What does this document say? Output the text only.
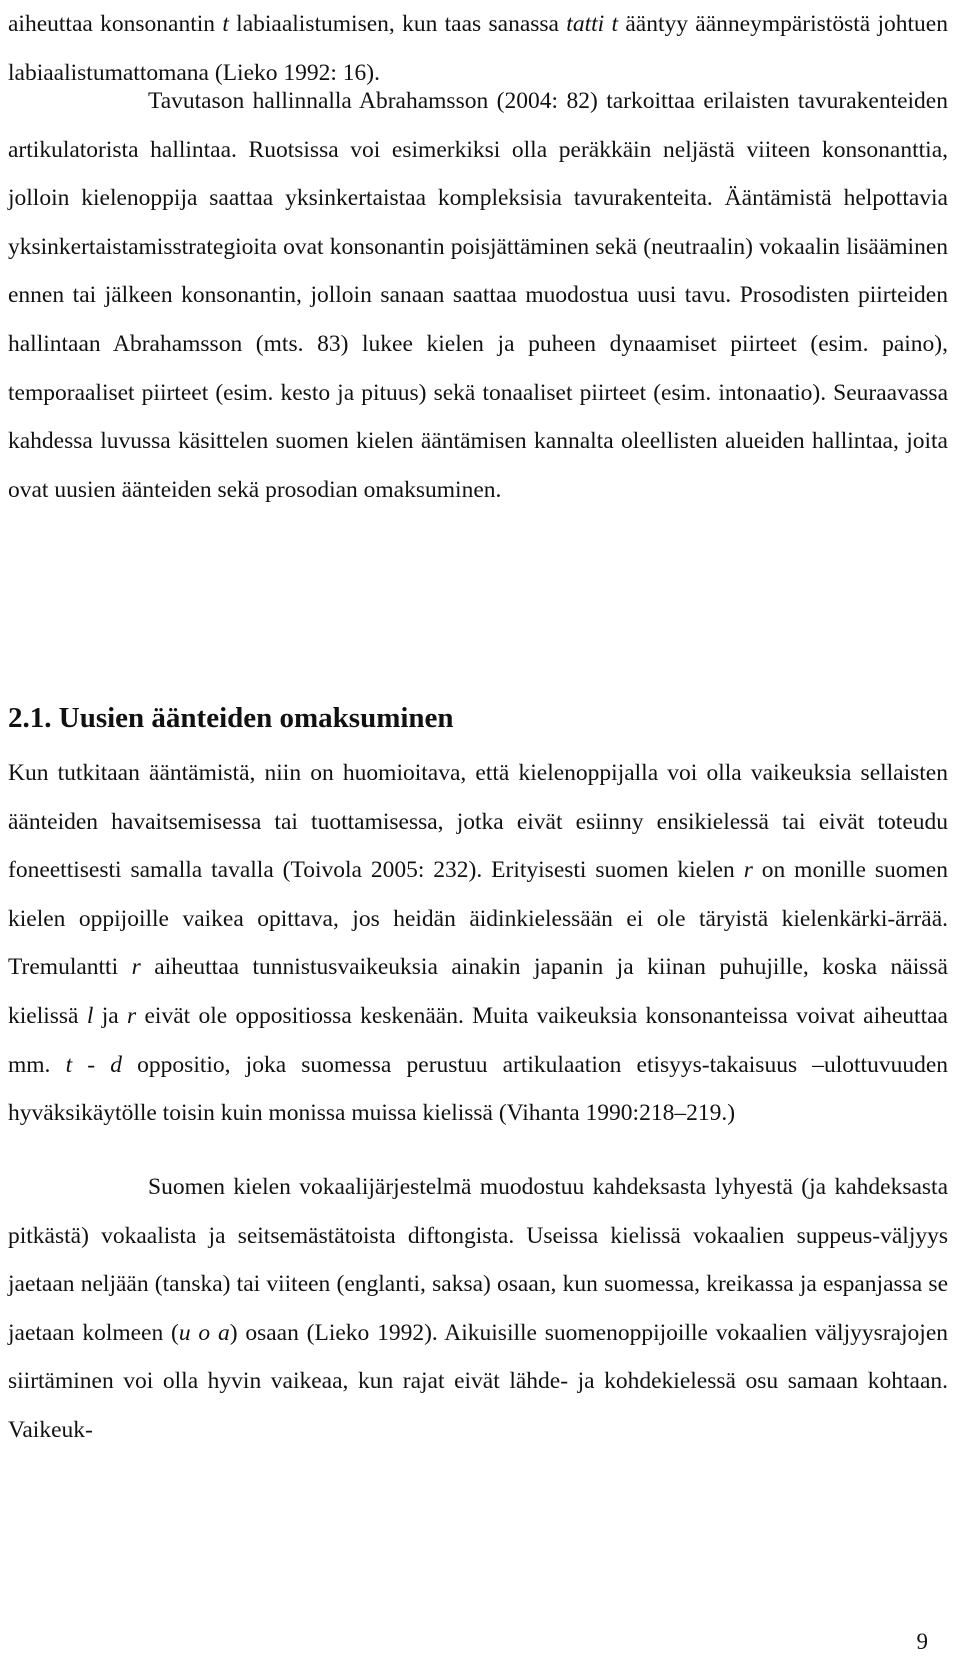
aiheuttaa konsonantin t labiaalistumisen, kun taas sanassa tatti t ääntyy äänneympäristöstä johtuen labiaalistumattomana (Lieko 1992: 16).

Tavutason hallinnalla Abrahamsson (2004: 82) tarkoittaa erilaisten tavurakenteiden artikulatorista hallintaa. Ruotsissa voi esimerkiksi olla peräkkäin neljästä viiteen konsonanttia, jolloin kielenoppija saattaa yksinkertaistaa kompleksisia tavurakenteita. Ääntämistä helpottavia yksinkertaistamisstrategioita ovat konsonantin poisjättäminen sekä (neutraalin) vokaalin lisääminen ennen tai jälkeen konsonantin, jolloin sanaan saattaa muodostua uusi tavu. Prosodisten piirteiden hallintaan Abrahamsson (mts. 83) lukee kielen ja puheen dynaamiset piirteet (esim. paino), temporaaliset piirteet (esim. kesto ja pituus) sekä tonaaliset piirteet (esim. intonaatio). Seuraavassa kahdessa luvussa käsittelen suomen kielen ääntämisen kannalta oleellisten alueiden hallintaa, joita ovat uusien äänteiden sekä prosodian omaksuminen.

2.1. Uusien äänteiden omaksuminen

Kun tutkitaan ääntämistä, niin on huomioitava, että kielenoppijalla voi olla vaikeuksia sellaisten äänteiden havaitsemisessa tai tuottamisessa, jotka eivät esiinny ensikielessä tai eivät toteudu foneettisesti samalla tavalla (Toivola 2005: 232). Erityisesti suomen kielen r on monille suomen kielen oppijoille vaikea opittava, jos heidän äidinkielessään ei ole täryistä kielenkärki-ärrää. Tremulantti r aiheuttaa tunnistusvaikeuksia ainakin japanin ja kiinan puhujille, koska näissä kielissä l ja r eivät ole oppositiossa keskenään. Muita vaikeuksia konsonanteissa voivat aiheuttaa mm. t - d oppositio, joka suomessa perustuu artikulaation etisyys-takaisuus –ulottuvuuden hyväksikäytölle toisin kuin monissa muissa kielissä (Vihanta 1990:218–219.)

Suomen kielen vokaalijärjestelmä muodostuu kahdeksasta lyhyestä (ja kahdeksasta pitkästä) vokaalista ja seitsemästätoista diftongista. Useissa kielissä vokaalien suppeus-väljyys jaetaan neljään (tanska) tai viiteen (englanti, saksa) osaan, kun suomessa, kreikassa ja espanjassa se jaetaan kolmeen (u o a) osaan (Lieko 1992). Aikuisille suomenoppijoille vokaalien väljyysrajojen siirtäminen voi olla hyvin vaikeaa, kun rajat eivät lähde- ja kohdekielessä osu samaan kohtaan. Vaikeuk-

9
